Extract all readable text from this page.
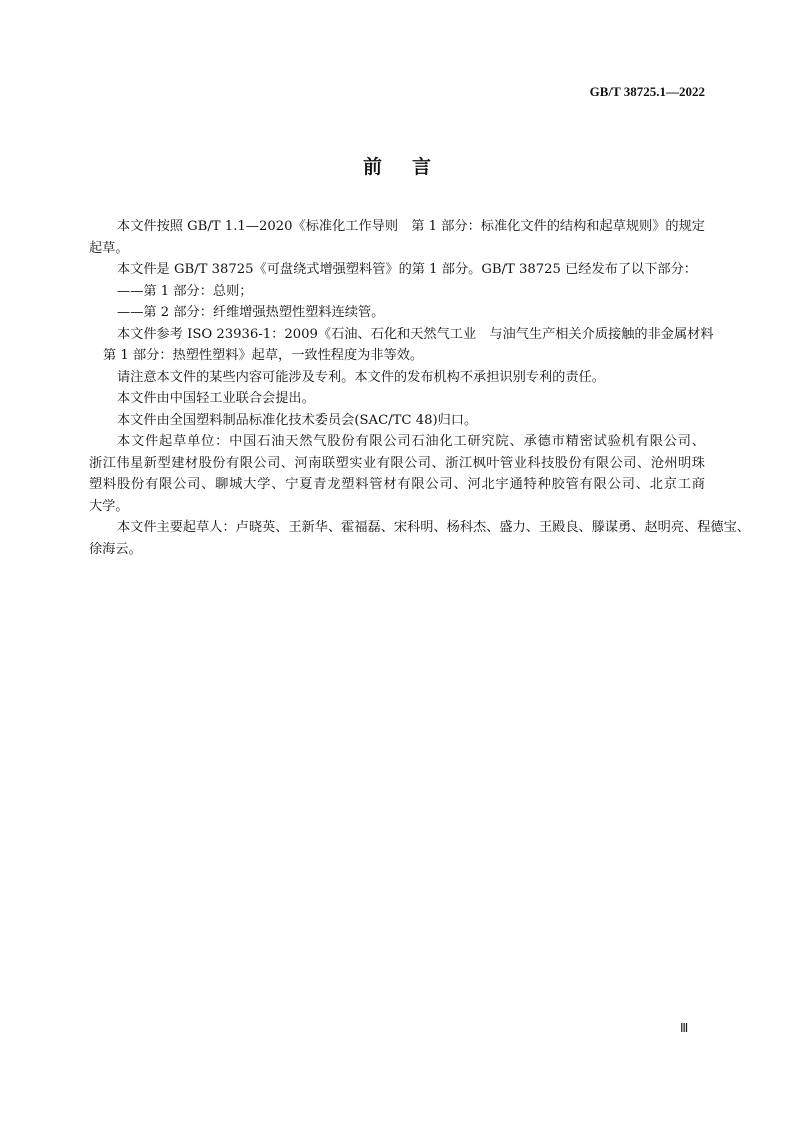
GB/T 38725.1—2022
前言
本文件按照 GB/T 1.1—2020《标准化工作导则　第 1 部分：标准化文件的结构和起草规则》的规定
起草。
本文件是 GB/T 38725《可盘绕式增强塑料管》的第 1 部分。GB/T 38725 已经发布了以下部分：
——第 1 部分：总则；
——第 2 部分：纤维增强热塑性塑料连续管。
本文件参考 ISO 23936-1：2009《石油、石化和天然气工业　与油气生产相关介质接触的非金属材料
第 1 部分：热塑性塑料》起草，一致性程度为非等效。
请注意本文件的某些内容可能涉及专利。本文件的发布机构不承担识别专利的责任。
本文件由中国轻工业联合会提出。
本文件由全国塑料制品标准化技术委员会(SAC/TC 48)归口。
本文件起草单位：中国石油天然气股份有限公司石油化工研究院、承德市精密试验机有限公司、
浙江伟星新型建材股份有限公司、河南联塑实业有限公司、浙江枫叶管业科技股份有限公司、沧州明珠
塑料股份有限公司、聊城大学、宁夏青龙塑料管材有限公司、河北宇通特种胶管有限公司、北京工商
大学。
本文件主要起草人：卢晓英、王新华、霍福磊、宋科明、杨科杰、盛力、王殿良、滕谋勇、赵明亮、程德宝、
徐海云。
Ⅲ
